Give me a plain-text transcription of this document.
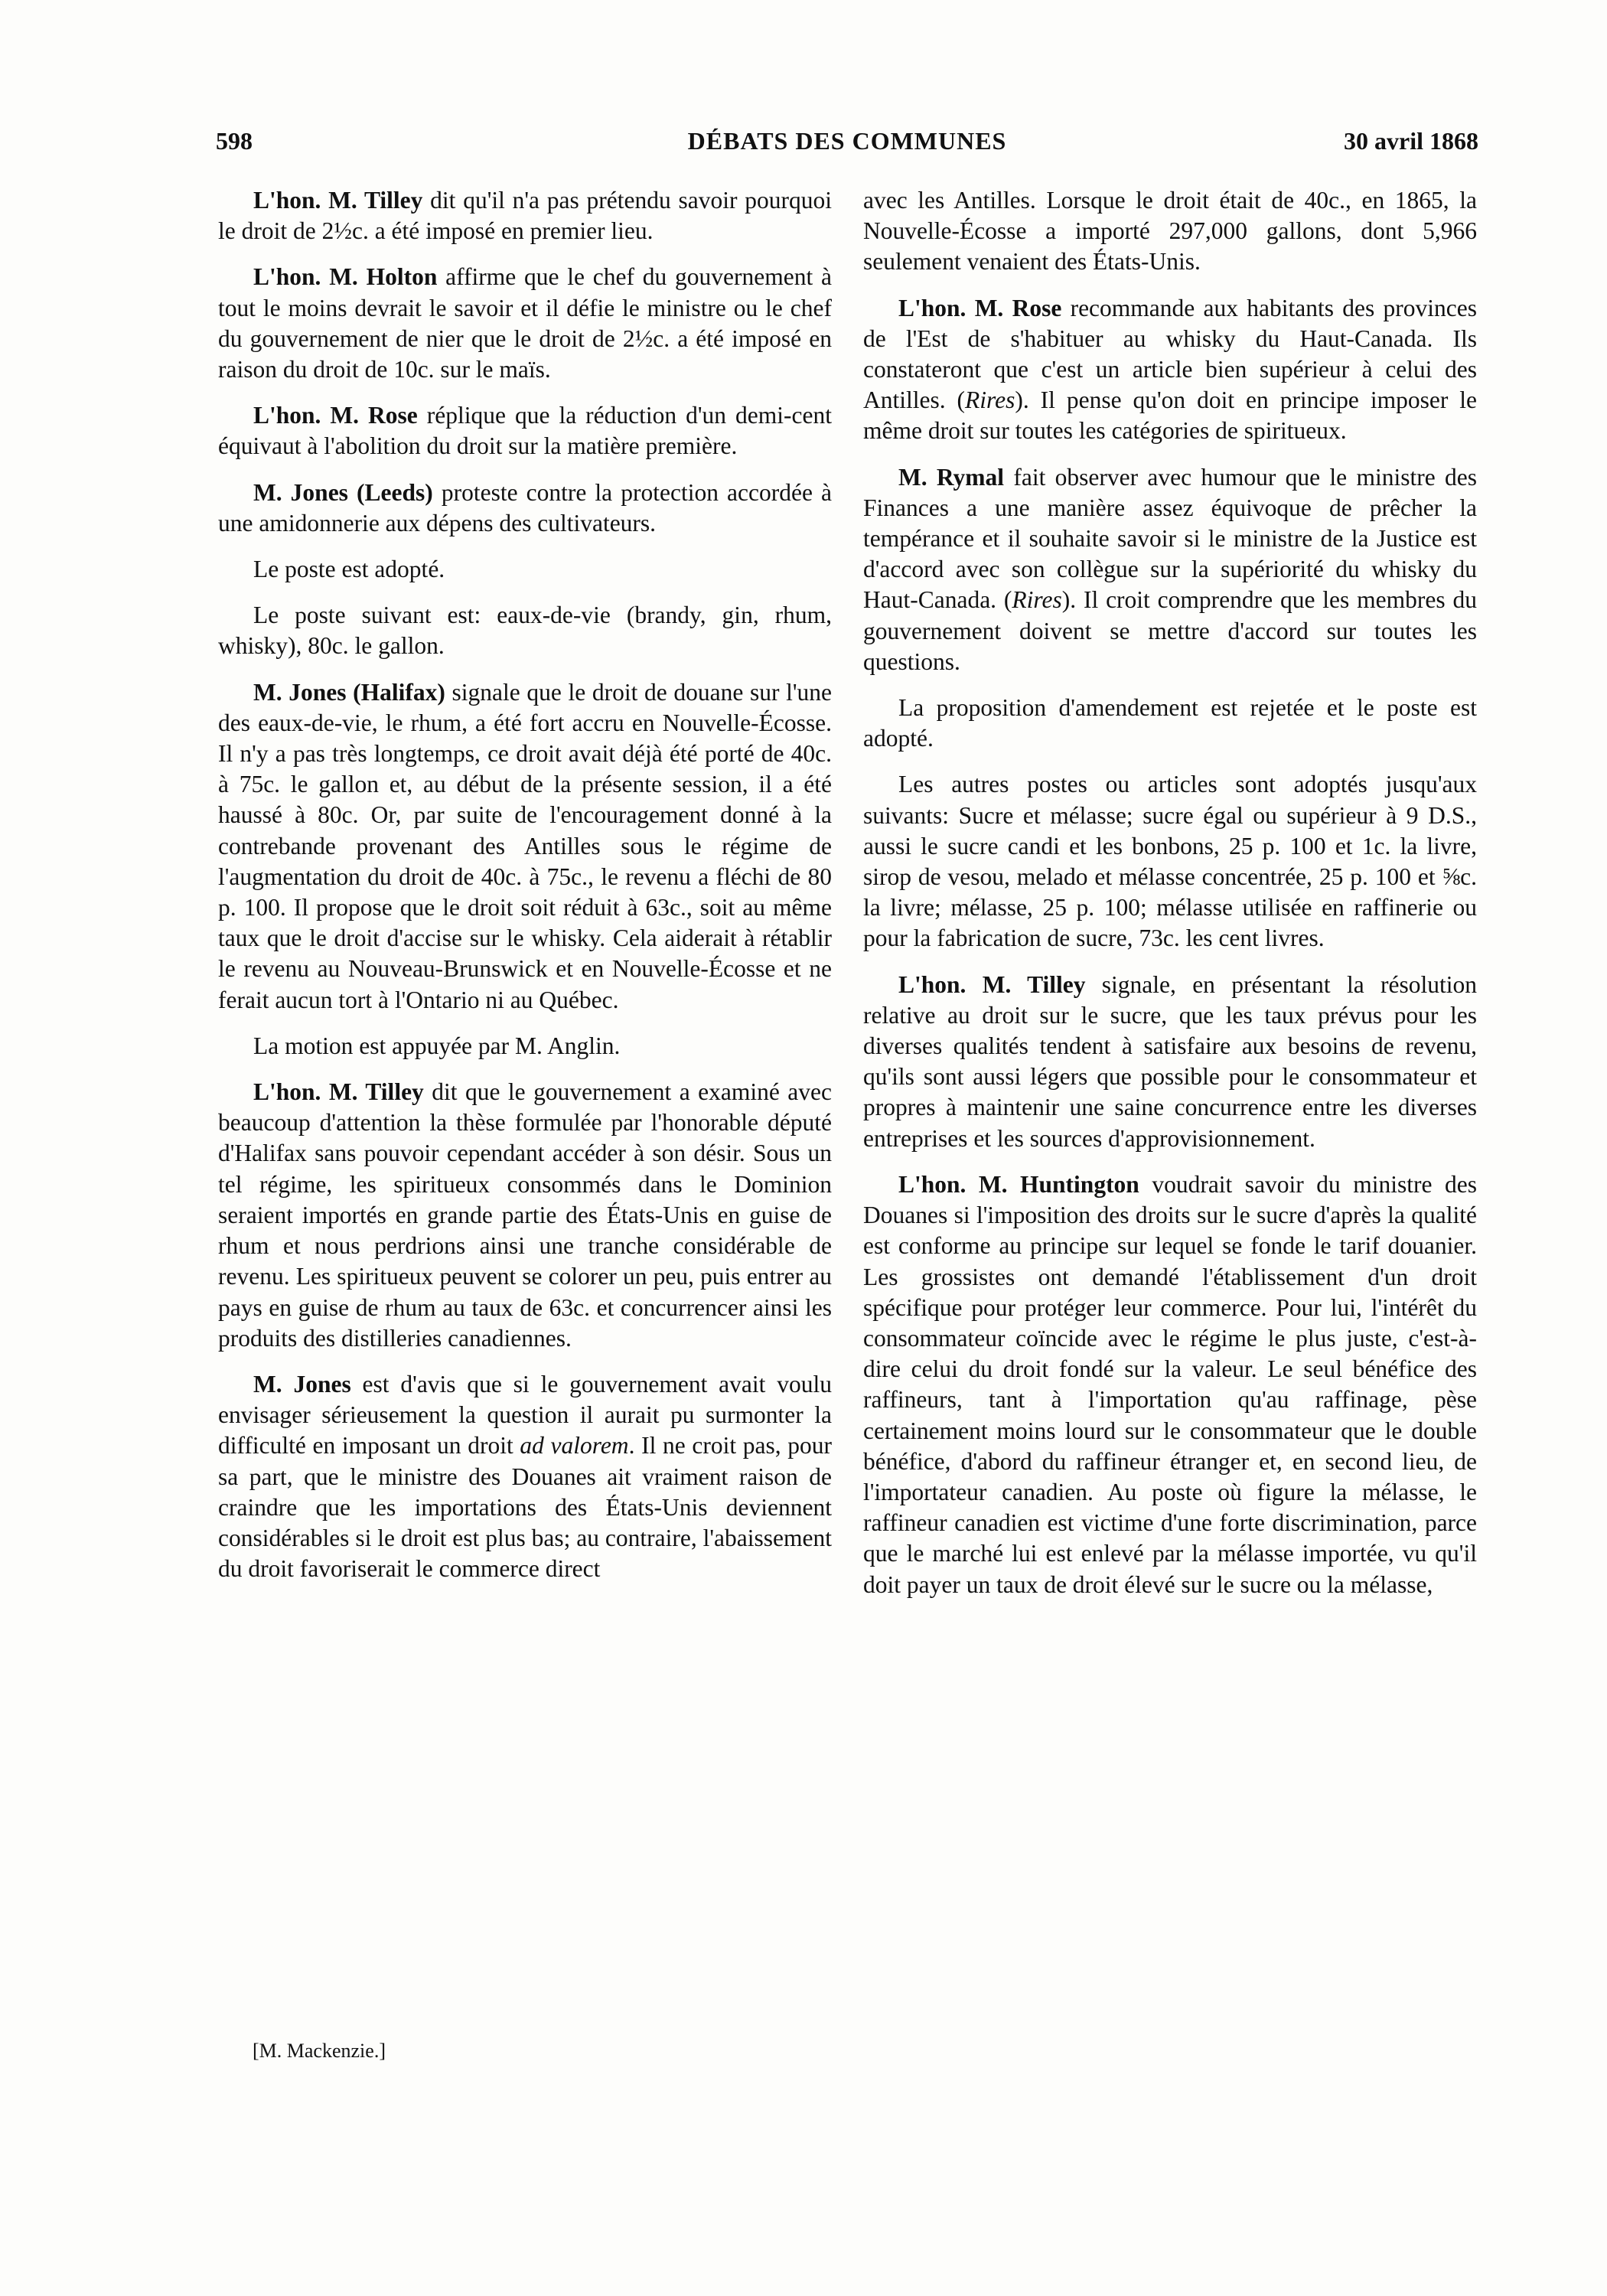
DÉBATS DES COMMUNES
598	30 avril 1868

L'hon. M. Tilley dit qu'il n'a pas prétendu savoir pourquoi le droit de 2½c. a été imposé en premier lieu.

L'hon. M. Holton affirme que le chef du gouvernement à tout le moins devrait le savoir et il défie le ministre ou le chef du gouvernement de nier que le droit de 2½c. a été imposé en raison du droit de 10c. sur le maïs.

L'hon. M. Rose réplique que la réduction d'un demi-cent équivaut à l'abolition du droit sur la matière première.

M. Jones (Leeds) proteste contre la protection accordée à une amidonnerie aux dépens des cultivateurs.

Le poste est adopté.

Le poste suivant est: eaux-de-vie (brandy, gin, rhum, whisky), 80c. le gallon.

M. Jones (Halifax) signale que le droit de douane sur l'une des eaux-de-vie, le rhum, a été fort accru en Nouvelle-Écosse. Il n'y a pas très longtemps, ce droit avait déjà été porté de 40c. à 75c. le gallon et, au début de la présente session, il a été haussé à 80c. Or, par suite de l'encouragement donné à la contrebande provenant des Antilles sous le régime de l'augmentation du droit de 40c. à 75c., le revenu a fléchi de 80 p. 100. Il propose que le droit soit réduit à 63c., soit au même taux que le droit d'accise sur le whisky. Cela aiderait à rétablir le revenu au Nouveau-Brunswick et en Nouvelle-Écosse et ne ferait aucun tort à l'Ontario ni au Québec.

La motion est appuyée par M. Anglin.

L'hon. M. Tilley dit que le gouvernement a examiné avec beaucoup d'attention la thèse formulée par l'honorable député d'Halifax sans pouvoir cependant accéder à son désir. Sous un tel régime, les spiritueux consommés dans le Dominion seraient importés en grande partie des États-Unis en guise de rhum et nous perdrions ainsi une tranche considérable de revenu. Les spiritueux peuvent se colorer un peu, puis entrer au pays en guise de rhum au taux de 63c. et concurrencer ainsi les produits des distilleries canadiennes.

M. Jones est d'avis que si le gouvernement avait voulu envisager sérieusement la question il aurait pu surmonter la difficulté en imposant un droit ad valorem. Il ne croit pas, pour sa part, que le ministre des Douanes ait vraiment raison de craindre que les importations des États-Unis deviennent considérables si le droit est plus bas; au contraire, l'abaissement du droit favoriserait le commerce direct

[M. Mackenzie.]

avec les Antilles. Lorsque le droit était de 40c., en 1865, la Nouvelle-Écosse a importé 297,000 gallons, dont 5,966 seulement venaient des États-Unis.

L'hon. M. Rose recommande aux habitants des provinces de l'Est de s'habituer au whisky du Haut-Canada. Ils constateront que c'est un article bien supérieur à celui des Antilles. (Rires). Il pense qu'on doit en principe imposer le même droit sur toutes les catégories de spiritueux.

M. Rymal fait observer avec humour que le ministre des Finances a une manière assez équivoque de prêcher la tempérance et il souhaite savoir si le ministre de la Justice est d'accord avec son collègue sur la supériorité du whisky du Haut-Canada. (Rires). Il croit comprendre que les membres du gouvernement doivent se mettre d'accord sur toutes les questions.

La proposition d'amendement est rejetée et le poste est adopté.

Les autres postes ou articles sont adoptés jusqu'aux suivants: Sucre et mélasse; sucre égal ou supérieur à 9 D.S., aussi le sucre candi et les bonbons, 25 p. 100 et 1c. la livre, sirop de vesou, melado et mélasse concentrée, 25 p. 100 et ⅝c. la livre; mélasse, 25 p. 100; mélasse utilisée en raffinerie ou pour la fabrication de sucre, 73c. les cent livres.

L'hon. M. Tilley signale, en présentant la résolution relative au droit sur le sucre, que les taux prévus pour les diverses qualités tendent à satisfaire aux besoins de revenu, qu'ils sont aussi légers que possible pour le consommateur et propres à maintenir une saine concurrence entre les diverses entreprises et les sources d'approvisionnement.

L'hon. M. Huntington voudrait savoir du ministre des Douanes si l'imposition des droits sur le sucre d'après la qualité est conforme au principe sur lequel se fonde le tarif douanier. Les grossistes ont demandé l'établissement d'un droit spécifique pour protéger leur commerce. Pour lui, l'intérêt du consommateur coïncide avec le régime le plus juste, c'est-à-dire celui du droit fondé sur la valeur. Le seul bénéfice des raffineurs, tant à l'importation qu'au raffinage, pèse certainement moins lourd sur le consommateur que le double bénéfice, d'abord du raffineur étranger et, en second lieu, de l'importateur canadien. Au poste où figure la mélasse, le raffineur canadien est victime d'une forte discrimination, parce que le marché lui est enlevé par la mélasse importée, vu qu'il doit payer un taux de droit élevé sur le sucre ou la mélasse,
